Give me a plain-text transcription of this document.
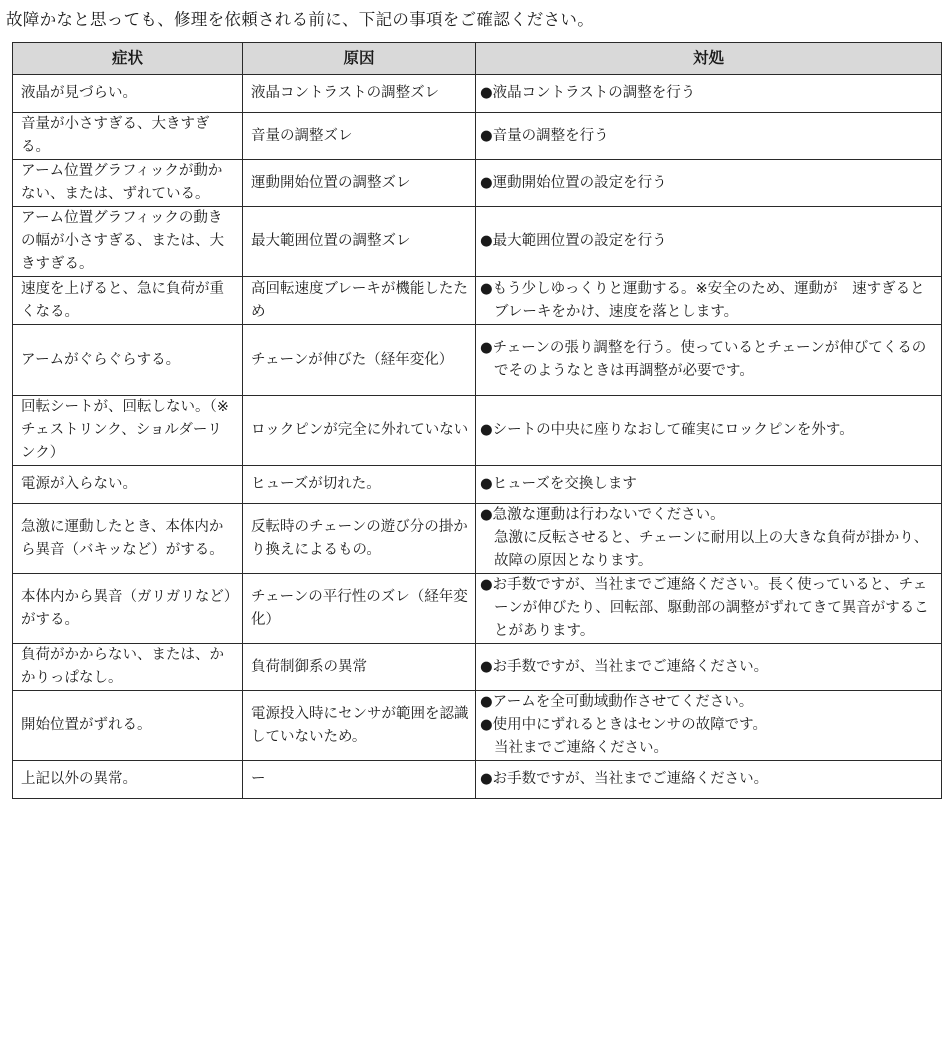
故障かなと思っても、修理を依頼される前に、下記の事項をご確認ください。

症状	原因	対処
液晶が見づらい。	液晶コントラストの調整ズレ	●液晶コントラストの調整を行う

音量が小さすぎる、大きすぎる。	音量の調整ズレ	●音量の調整を行う

アーム位置グラフィックが動かない、または、ずれている。	運動開始位置の調整ズレ	●運動開始位置の設定を行う

アーム位置グラフィックの動きの幅が小さすぎる、または、大きすぎる。	最大範囲位置の調整ズレ	●最大範囲位置の設定を行う

速度を上げると、急に負荷が重くなる。	高回転速度ブレーキが機能したため	●もう少しゆっくりと運動する。※安全のため、運動が　速すぎるとブレーキをかけ、速度を落とします。

アームがぐらぐらする。	チェーンが伸びた（経年変化）	●チェーンの張り調整を行う。使っているとチェーンが伸びてくるのでそのようなときは再調整が必要です。

回転シートが、回転しない。（※チェストリンク、ショルダーリンク）	ロックピンが完全に外れていない	●シートの中央に座りなおして確実にロックピンを外す。

電源が入らない。	ヒューズが切れた。	●ヒューズを交換します

急激に運動したとき、本体内から異音（バキッなど）がする。	反転時のチェーンの遊び分の掛かり換えによるもの。	●急激な運動は行わないでください。
急激に反転させると、チェーンに耐用以上の大きな負荷が掛かり、故障の原因となります。

本体内から異音（ガリガリなど）がする。	チェーンの平行性のズレ（経年変化）	●お手数ですが、当社までご連絡ください。長く使っていると、チェーンが伸びたり、回転部、駆動部の調整がずれてきて異音がすることがあります。

負荷がかからない、または、かかりっぱなし。	負荷制御系の異常	●お手数ですが、当社までご連絡ください。

開始位置がずれる。	電源投入時にセンサが範囲を認識していないため。	●アームを全可動域動作させてください。
●使用中にずれるときはセンサの故障です。
当社までご連絡ください。

上記以外の異常。	ー	●お手数ですが、当社までご連絡ください。
